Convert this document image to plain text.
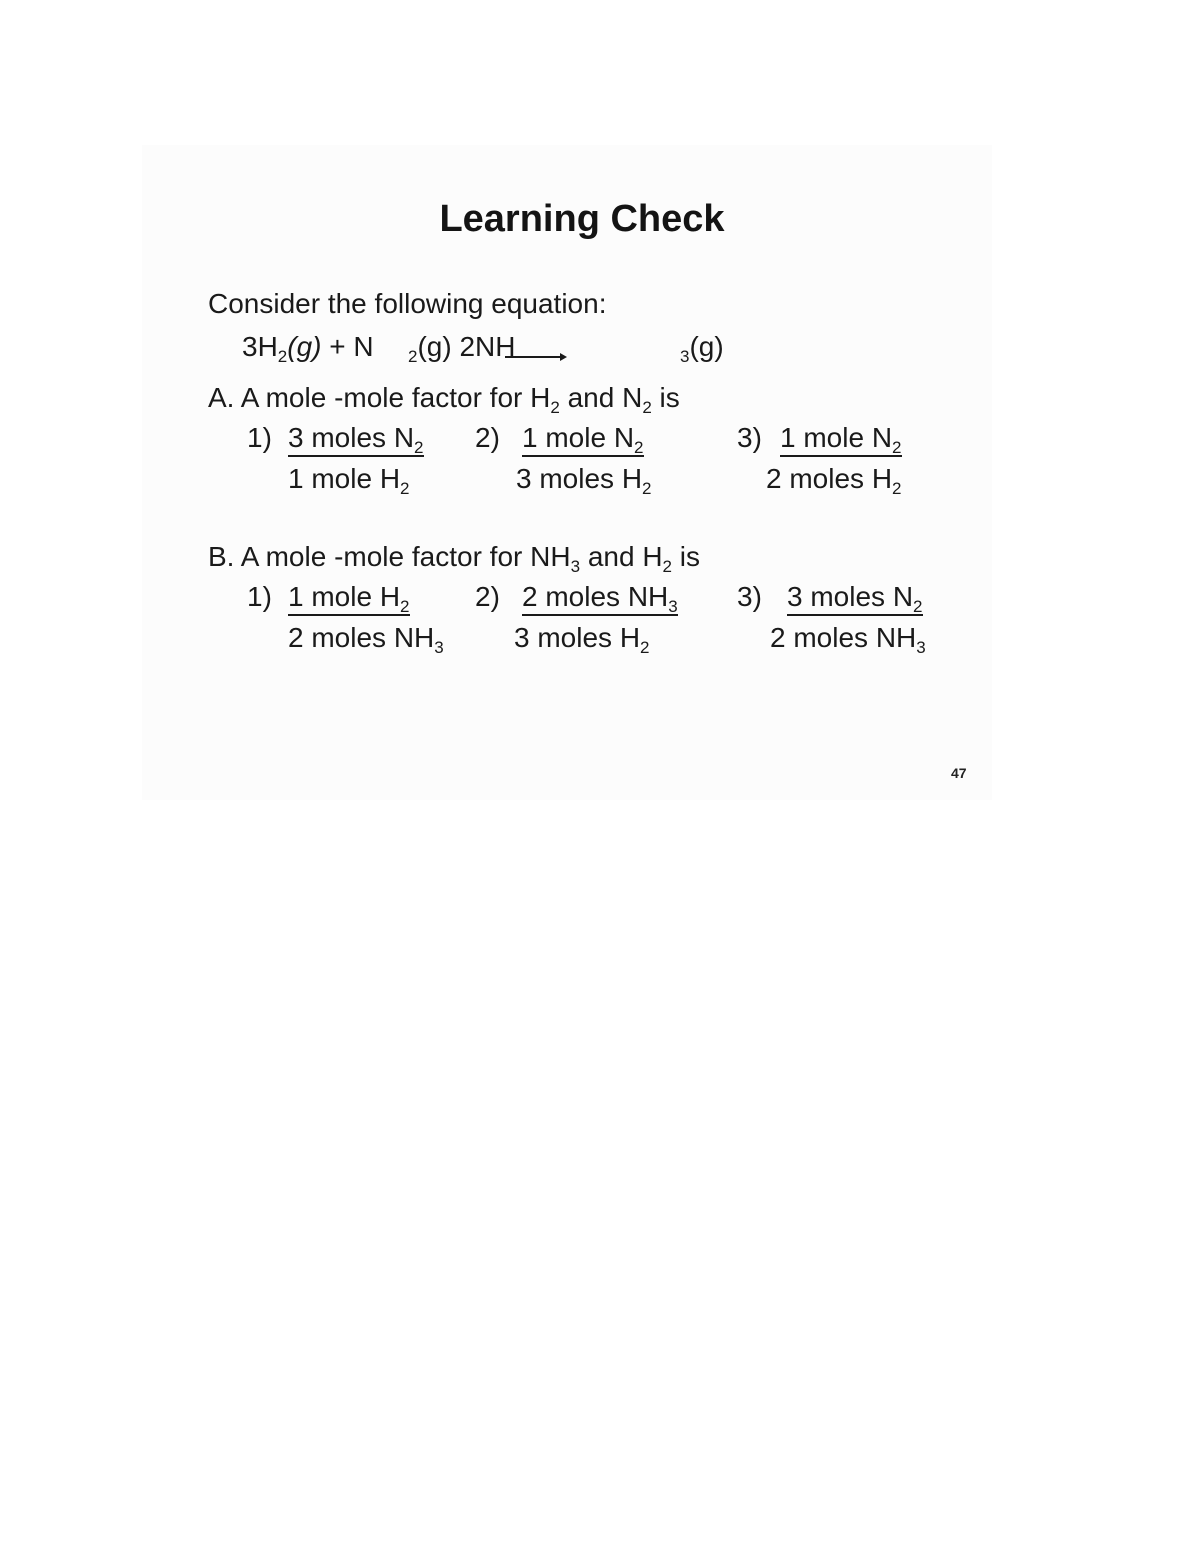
Learning Check
Consider the following equation:
$3H_2(g) + N$ $_2$(g) 2NH	$_3$(g)
A. A mole -mole factor for $H_2$ and $N_2$ is
1) 3 moles $N_2$
1 mole $H_2$
2) 1 mole $N_2$
3 moles $H_2$
3) 1 mole $N_2$
2 moles $H_2$
B. A mole -mole factor for $NH_3$ and $H_2$ is
1) 1 mole $H_2$
2 moles $NH_3$
2) 2 moles $NH_3$
3 moles $H_2$
3) 3 moles $N_2$
2 moles $NH_3$
47
